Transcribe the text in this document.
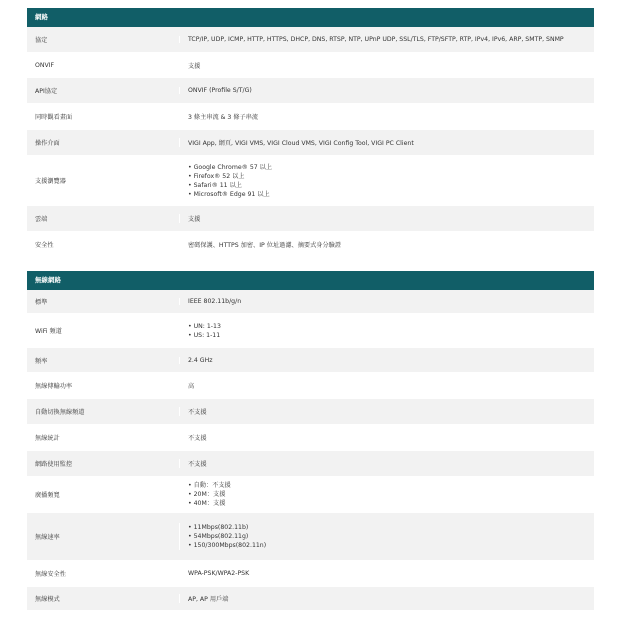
網路
協定	TCP/IP, UDP, ICMP, HTTP, HTTPS, DHCP, DNS, RTSP, NTP, UPnP UDP, SSL/TLS, FTP/SFTP, RTP, IPv4, IPv6, ARP, SMTP, SNMP
ONVIF	支援
API協定	ONVIF (Profile S/T/G)
同時觀看畫面	3 條主串流 & 3 條子串流
操作介面	VIGI App, 網頁, VIGI VMS, VIGI Cloud VMS, VIGI Config Tool, VIGI PC Client
支援瀏覽器
• Google Chrome® 57 以上
• Firefox® 52 以上
• Safari® 11 以上
• Microsoft® Edge 91 以上
雲端	支援
安全性	密碼保護、HTTPS 加密、IP 位址過濾、摘要式身分驗證
無線網路
標準	IEEE 802.11b/g/n
WiFi 頻道
• UN: 1-13
• US: 1-11
頻率	2.4 GHz
無線傳輸功率	高
自動切換無線頻道	不支援
無線統計	不支援
網路使用監控	不支援
廣播頻寬
• 自動：不支援
• 20M：支援
• 40M：支援
無線速率
• 11Mbps(802.11b)
• 54Mbps(802.11g)
• 150/300Mbps(802.11n)
無線安全性	WPA-PSK/WPA2-PSK
無線模式	AP, AP 用戶端
